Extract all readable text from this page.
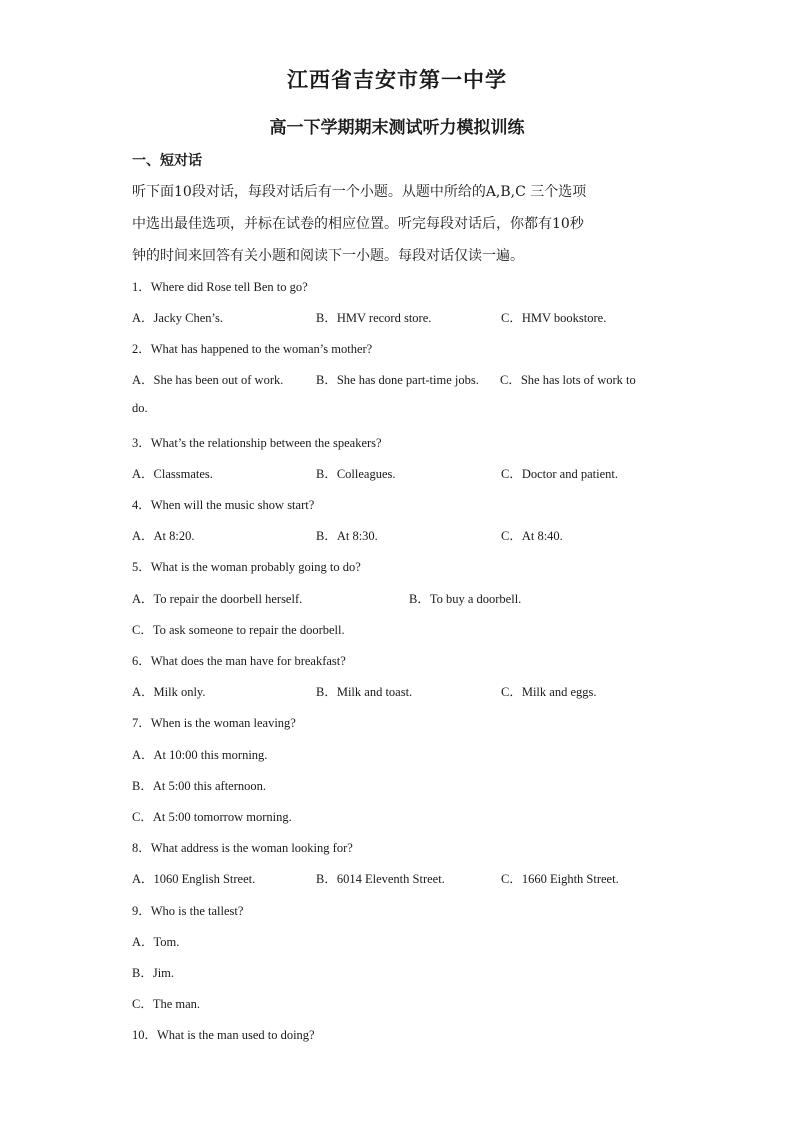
江西省吉安市第一中学
高一下学期期末测试听力模拟训练
一、短对话

听下面10段对话，每段对话后有一个小题。从题中所给的A,B,C 三个选项

中选出最佳选项，并标在试卷的相应位置。听完每段对话后，你都有10秒

钟的时间来回答有关小题和阅读下一小题。每段对话仅读一遍。

1．Where did Rose tell Ben to go?
A．Jacky Chen’s.	B．HMV record store.	C．HMV bookstore.
2．What has happened to the woman’s mother?
A．She has been out of work.	B．She has done part-time jobs. C．She has lots of work to
do.
3．What’s the relationship between the speakers?
A．Classmates.	B．Colleagues.	C．Doctor and patient.
4．When will the music show start?
A．At 8:20.	B．At 8:30.	C．At 8:40.
5．What is the woman probably going to do?
A．To repair the doorbell herself.	B．To buy a doorbell.
C．To ask someone to repair the doorbell.
6．What does the man have for breakfast?
A．Milk only.	B．Milk and toast.	C．Milk and eggs.
7．When is the woman leaving?
A．At 10:00 this morning.
B．At 5:00 this afternoon.
C．At 5:00 tomorrow morning.
8．What address is the woman looking for?
A．1060 English Street.	B．6014 Eleventh Street.	C．1660 Eighth Street.
9．Who is the tallest?
A．Tom.
B．Jim.
C．The man.
10．What is the man used to doing?
